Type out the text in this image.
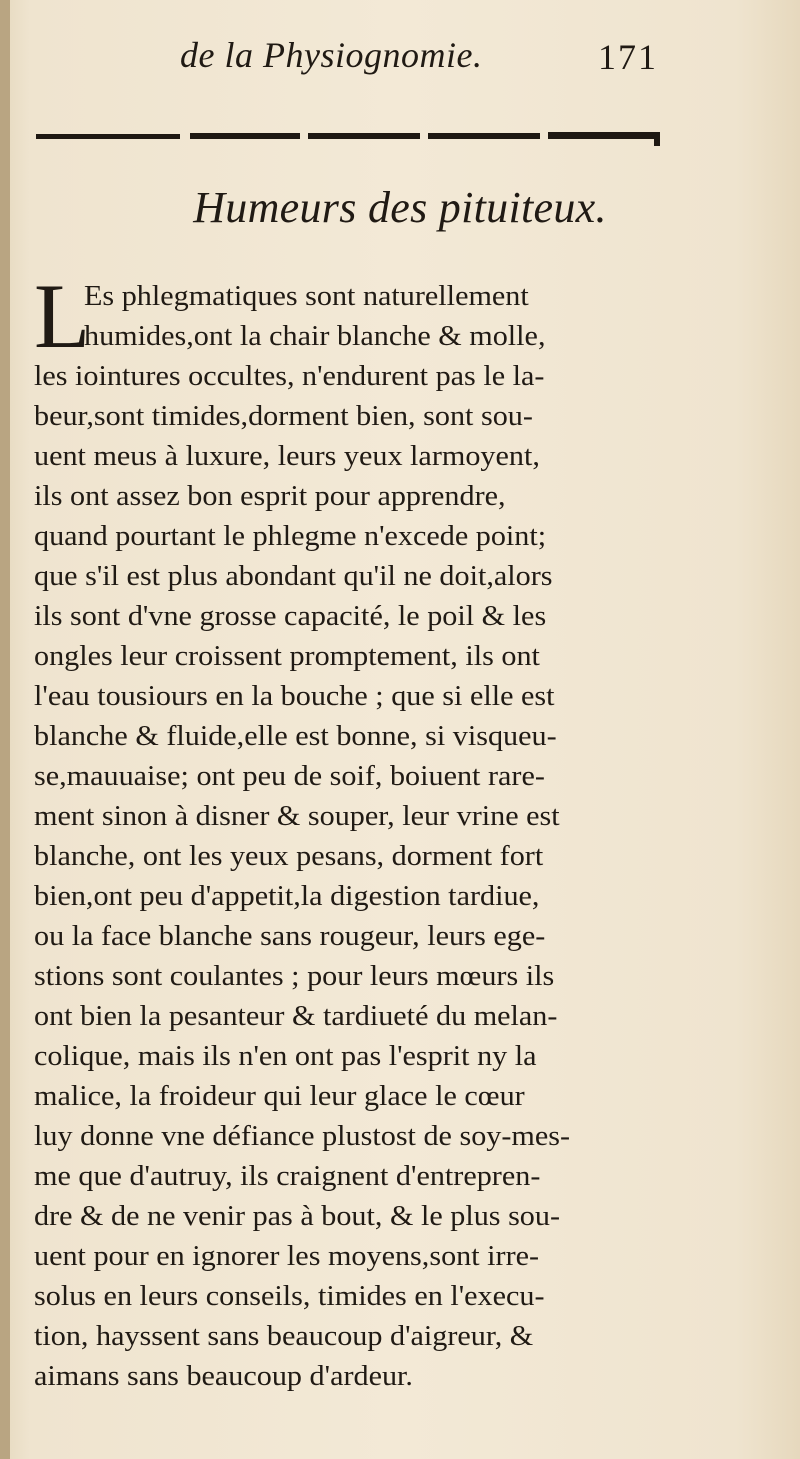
de la Physiognomie.	171
Humeurs des pituiteux.
L
Es phlegmatiques sont naturellement
humides,ont la chair blanche & molle,
les iointures occultes, n'endurent pas le la-
beur,sont timides,dorment bien, sont sou-
uent meus à luxure, leurs yeux larmoyent,
ils ont assez bon esprit pour apprendre,
quand pourtant le phlegme n'excede point;
que s'il est plus abondant qu'il ne doit,alors
ils sont d'vne grosse capacité, le poil & les
ongles leur croissent promptement, ils ont
l'eau tousiours en la bouche ; que si elle est
blanche & fluide,elle est bonne, si visqueu-
se,mauuaise; ont peu de soif, boiuent rare-
ment sinon à disner & souper, leur vrine est
blanche, ont les yeux pesans, dorment fort
bien,ont peu d'appetit,la digestion tardiue,
ou la face blanche sans rougeur, leurs ege-
stions sont coulantes ; pour leurs mœurs ils
ont bien la pesanteur & tardiueté du melan-
colique, mais ils n'en ont pas l'esprit ny la
malice, la froideur qui leur glace le cœur
luy donne vne défiance plustost de soy-mes-
me que d'autruy, ils craignent d'entrepren-
dre & de ne venir pas à bout, & le plus sou-
uent pour en ignorer les moyens,sont irre-
solus en leurs conseils, timides en l'execu-
tion, hayssent sans beaucoup d'aigreur, &
aimans sans beaucoup d'ardeur.
